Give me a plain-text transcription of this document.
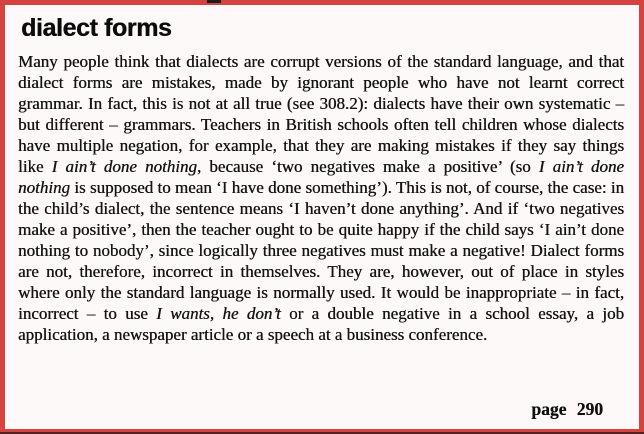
dialect forms

Many people think that dialects are corrupt versions of the standard language, and that dialect forms are mistakes, made by ignorant people who have not learnt correct grammar. In fact, this is not at all true (see 308.2): dialects have their own systematic – but different – grammars. Teachers in British schools often tell children whose dialects have multiple negation, for example, that they are making mistakes if they say things like I ain’t done nothing, because ‘two negatives make a positive’ (so I ain’t done nothing is supposed to mean ‘I have done something’). This is not, of course, the case: in the child’s dialect, the sentence means ‘I haven’t done anything’. And if ‘two negatives make a positive’, then the teacher ought to be quite happy if the child says ‘I ain’t done nothing to nobody’, since logically three negatives must make a negative! Dialect forms are not, therefore, incorrect in themselves. They are, however, out of place in styles where only the standard language is normally used. It would be inappropriate – in fact, incorrect – to use I wants, he don’t or a double negative in a school essay, a job application, a newspaper article or a speech at a business conference.

page 290
